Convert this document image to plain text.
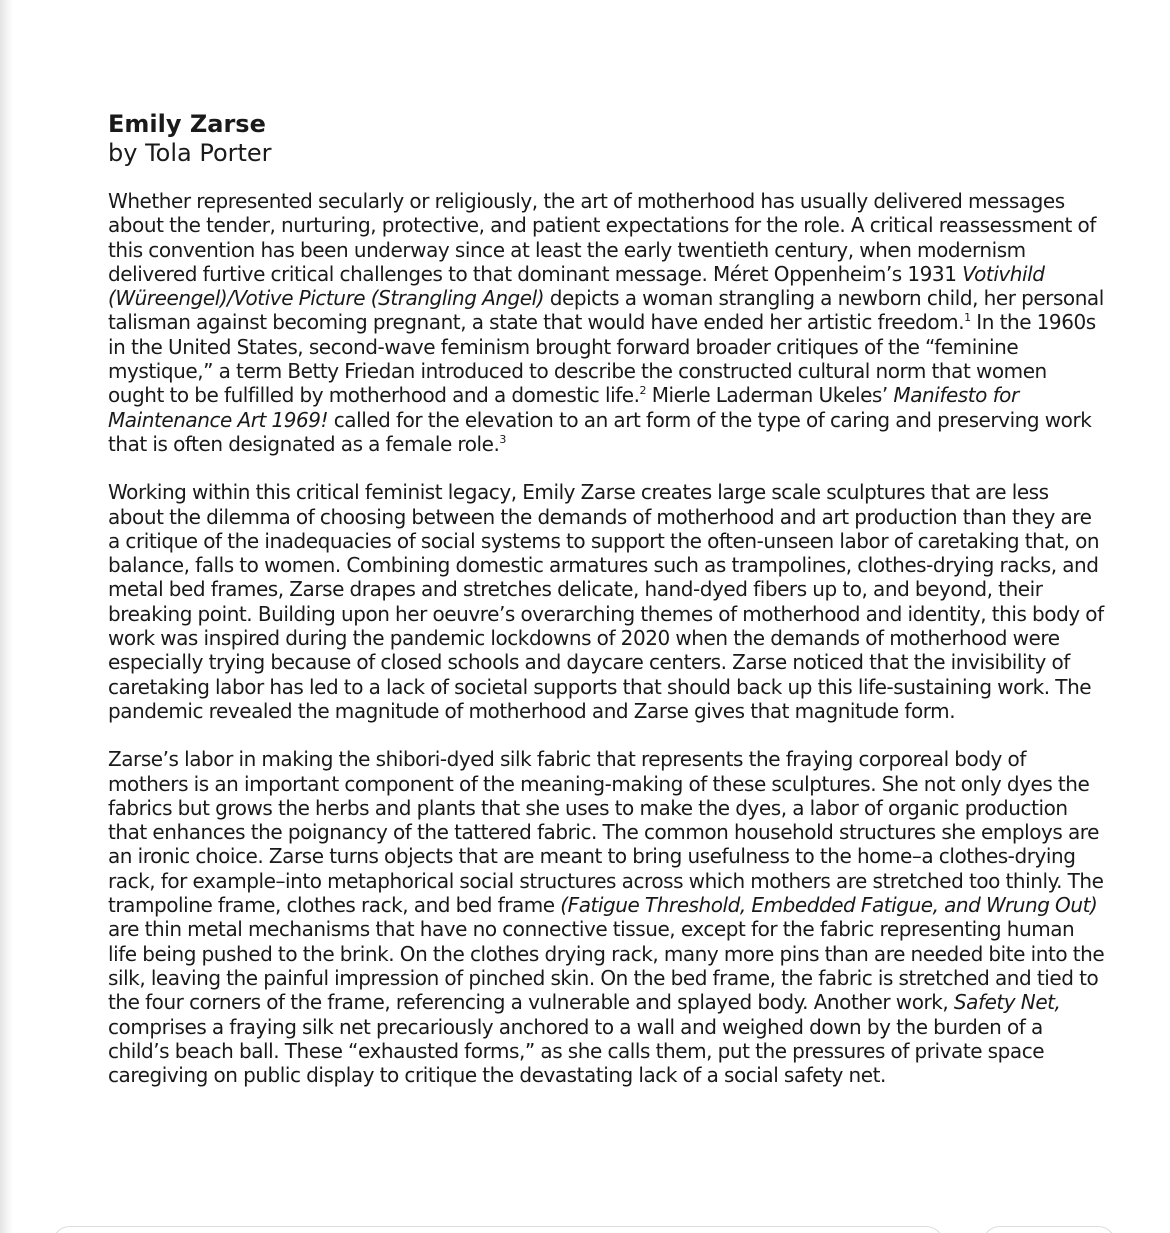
Emily Zarse
by Tola Porter

Whether represented secularly or religiously, the art of motherhood has usually delivered messages about the tender, nurturing, protective, and patient expectations for the role. A critical reassessment of this convention has been underway since at least the early twentieth century, when modernism delivered furtive critical challenges to that dominant message. Méret Oppenheim’s 1931 Votivhild (Würeengel)/Votive Picture (Strangling Angel) depicts a woman strangling a newborn child, her personal talisman against becoming pregnant, a state that would have ended her artistic freedom.$^1$ In the 1960s in the United States, second-wave feminism brought forward broader critiques of the “feminine mystique,” a term Betty Friedan introduced to describe the constructed cultural norm that women ought to be fulfilled by motherhood and a domestic life.$^2$ Mierle Laderman Ukeles’ Manifesto for Maintenance Art 1969! called for the elevation to an art form of the type of caring and preserving work that is often designated as a female role.$^3$

Working within this critical feminist legacy, Emily Zarse creates large scale sculptures that are less about the dilemma of choosing between the demands of motherhood and art production than they are a critique of the inadequacies of social systems to support the often-unseen labor of caretaking that, on balance, falls to women. Combining domestic armatures such as trampolines, clothes-drying racks, and metal bed frames, Zarse drapes and stretches delicate, hand-dyed fibers up to, and beyond, their breaking point. Building upon her oeuvre’s overarching themes of motherhood and identity, this body of work was inspired during the pandemic lockdowns of 2020 when the demands of motherhood were especially trying because of closed schools and daycare centers. Zarse noticed that the invisibility of caretaking labor has led to a lack of societal supports that should back up this life-sustaining work. The pandemic revealed the magnitude of motherhood and Zarse gives that magnitude form.

Zarse’s labor in making the shibori-dyed silk fabric that represents the fraying corporeal body of mothers is an important component of the meaning-making of these sculptures. She not only dyes the fabrics but grows the herbs and plants that she uses to make the dyes, a labor of organic production that enhances the poignancy of the tattered fabric. The common household structures she employs are an ironic choice. Zarse turns objects that are meant to bring usefulness to the home–a clothes-drying rack, for example–into metaphorical social structures across which mothers are stretched too thinly. The trampoline frame, clothes rack, and bed frame (Fatigue Threshold, Embedded Fatigue, and Wrung Out) are thin metal mechanisms that have no connective tissue, except for the fabric representing human life being pushed to the brink. On the clothes drying rack, many more pins than are needed bite into the silk, leaving the painful impression of pinched skin. On the bed frame, the fabric is stretched and tied to the four corners of the frame, referencing a vulnerable and splayed body. Another work, Safety Net, comprises a fraying silk net precariously anchored to a wall and weighed down by the burden of a child’s beach ball. These “exhausted forms,” as she calls them, put the pressures of private space caregiving on public display to critique the devastating lack of a social safety net.
